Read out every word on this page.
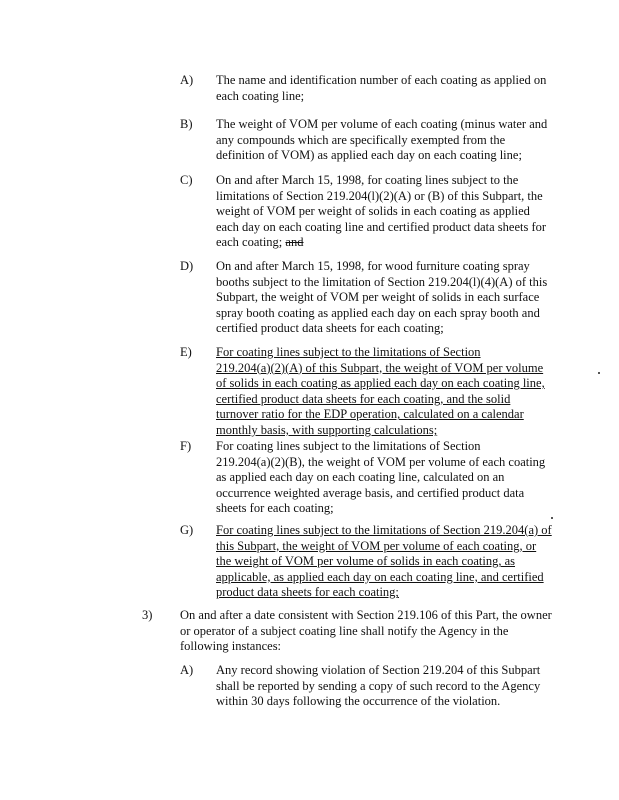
A) The name and identification number of each coating as applied on
each coating line;
B) The weight of VOM per volume of each coating (minus water and
any compounds which are specifically exempted from the
definition of VOM) as applied each day on each coating line;
C) On and after March 15, 1998, for coating lines subject to the
limitations of Section 219.204(l)(2)(A) or (B) of this Subpart, the
weight of VOM per weight of solids in each coating as applied
each day on each coating line and certified product data sheets for
each coating; and
D) On and after March 15, 1998, for wood furniture coating spray
booths subject to the limitation of Section 219.204(l)(4)(A) of this
Subpart, the weight of VOM per weight of solids in each surface
spray booth coating as applied each day on each spray booth and
certified product data sheets for each coating;
E) For coating lines subject to the limitations of Section
219.204(a)(2)(A) of this Subpart, the weight of VOM per volume
of solids in each coating as applied each day on each coating line,
certified product data sheets for each coating, and the solid
turnover ratio for the EDP operation, calculated on a calendar
monthly basis, with supporting calculations;
F) For coating lines subject to the limitations of Section
219.204(a)(2)(B), the weight of VOM per volume of each coating
as applied each day on each coating line, calculated on an
occurrence weighted average basis, and certified product data
sheets for each coating;
G) For coating lines subject to the limitations of Section 219.204(a) of
this Subpart, the weight of VOM per volume of each coating, or
the weight of VOM per volume of solids in each coating, as
applicable, as applied each day on each coating line, and certified
product data sheets for each coating;
3) On and after a date consistent with Section 219.106 of this Part, the owner
or operator of a subject coating line shall notify the Agency in the
following instances:
A) Any record showing violation of Section 219.204 of this Subpart
shall be reported by sending a copy of such record to the Agency
within 30 days following the occurrence of the violation.
